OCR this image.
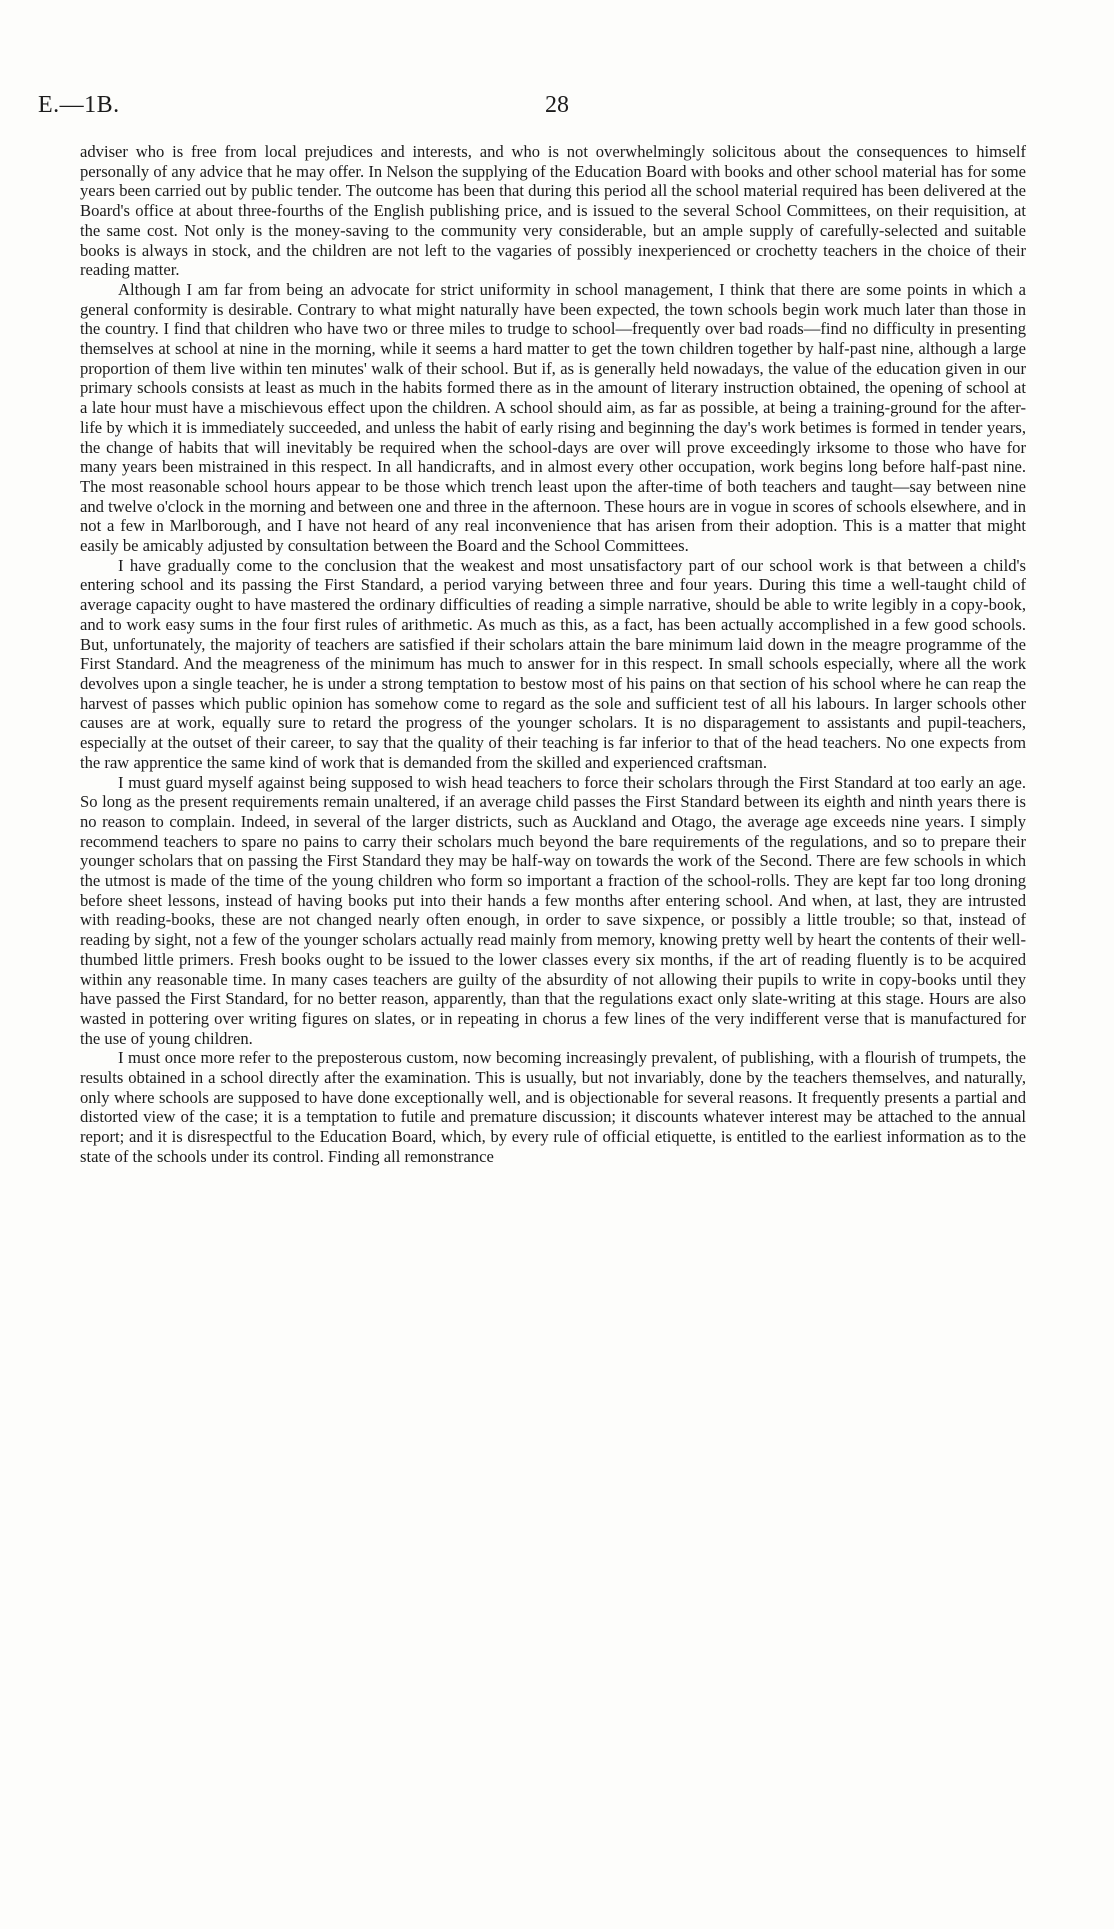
E.—1B.	28

adviser who is free from local prejudices and interests, and who is not overwhelmingly solicitous about the consequences to himself personally of any advice that he may offer. In Nelson the supplying of the Education Board with books and other school material has for some years been carried out by public tender. The outcome has been that during this period all the school material required has been delivered at the Board's office at about three-fourths of the English publishing price, and is issued to the several School Committees, on their requisition, at the same cost. Not only is the money-saving to the community very considerable, but an ample supply of carefully-selected and suitable books is always in stock, and the children are not left to the vagaries of possibly inexperienced or crochetty teachers in the choice of their reading matter.

Although I am far from being an advocate for strict uniformity in school management, I think that there are some points in which a general conformity is desirable. Contrary to what might naturally have been expected, the town schools begin work much later than those in the country. I find that children who have two or three miles to trudge to school—frequently over bad roads—find no difficulty in presenting themselves at school at nine in the morning, while it seems a hard matter to get the town children together by half-past nine, although a large proportion of them live within ten minutes' walk of their school. But if, as is generally held nowadays, the value of the education given in our primary schools consists at least as much in the habits formed there as in the amount of literary instruction obtained, the opening of school at a late hour must have a mischievous effect upon the children. A school should aim, as far as possible, at being a training-ground for the after-life by which it is immediately succeeded, and unless the habit of early rising and beginning the day's work betimes is formed in tender years, the change of habits that will inevitably be required when the school-days are over will prove exceedingly irksome to those who have for many years been mistrained in this respect. In all handicrafts, and in almost every other occupation, work begins long before half-past nine. The most reasonable school hours appear to be those which trench least upon the after-time of both teachers and taught—say between nine and twelve o'clock in the morning and between one and three in the afternoon. These hours are in vogue in scores of schools elsewhere, and in not a few in Marlborough, and I have not heard of any real inconvenience that has arisen from their adoption. This is a matter that might easily be amicably adjusted by consultation between the Board and the School Committees.

I have gradually come to the conclusion that the weakest and most unsatisfactory part of our school work is that between a child's entering school and its passing the First Standard, a period varying between three and four years. During this time a well-taught child of average capacity ought to have mastered the ordinary difficulties of reading a simple narrative, should be able to write legibly in a copy-book, and to work easy sums in the four first rules of arithmetic. As much as this, as a fact, has been actually accomplished in a few good schools. But, unfortunately, the majority of teachers are satisfied if their scholars attain the bare minimum laid down in the meagre programme of the First Standard. And the meagreness of the minimum has much to answer for in this respect. In small schools especially, where all the work devolves upon a single teacher, he is under a strong temptation to bestow most of his pains on that section of his school where he can reap the harvest of passes which public opinion has somehow come to regard as the sole and sufficient test of all his labours. In larger schools other causes are at work, equally sure to retard the progress of the younger scholars. It is no disparagement to assistants and pupil-teachers, especially at the outset of their career, to say that the quality of their teaching is far inferior to that of the head teachers. No one expects from the raw apprentice the same kind of work that is demanded from the skilled and experienced craftsman.

I must guard myself against being supposed to wish head teachers to force their scholars through the First Standard at too early an age. So long as the present requirements remain unaltered, if an average child passes the First Standard between its eighth and ninth years there is no reason to complain. Indeed, in several of the larger districts, such as Auckland and Otago, the average age exceeds nine years. I simply recommend teachers to spare no pains to carry their scholars much beyond the bare requirements of the regulations, and so to prepare their younger scholars that on passing the First Standard they may be half-way on towards the work of the Second. There are few schools in which the utmost is made of the time of the young children who form so important a fraction of the school-rolls. They are kept far too long droning before sheet lessons, instead of having books put into their hands a few months after entering school. And when, at last, they are intrusted with reading-books, these are not changed nearly often enough, in order to save sixpence, or possibly a little trouble; so that, instead of reading by sight, not a few of the younger scholars actually read mainly from memory, knowing pretty well by heart the contents of their well-thumbed little primers. Fresh books ought to be issued to the lower classes every six months, if the art of reading fluently is to be acquired within any reasonable time. In many cases teachers are guilty of the absurdity of not allowing their pupils to write in copy-books until they have passed the First Standard, for no better reason, apparently, than that the regulations exact only slate-writing at this stage. Hours are also wasted in pottering over writing figures on slates, or in repeating in chorus a few lines of the very indifferent verse that is manufactured for the use of young children.

I must once more refer to the preposterous custom, now becoming increasingly prevalent, of publishing, with a flourish of trumpets, the results obtained in a school directly after the examination. This is usually, but not invariably, done by the teachers themselves, and naturally, only where schools are supposed to have done exceptionally well, and is objectionable for several reasons. It frequently presents a partial and distorted view of the case; it is a temptation to futile and premature discussion; it discounts whatever interest may be attached to the annual report; and it is disrespectful to the Education Board, which, by every rule of official etiquette, is entitled to the earliest information as to the state of the schools under its control. Finding all remonstrance
